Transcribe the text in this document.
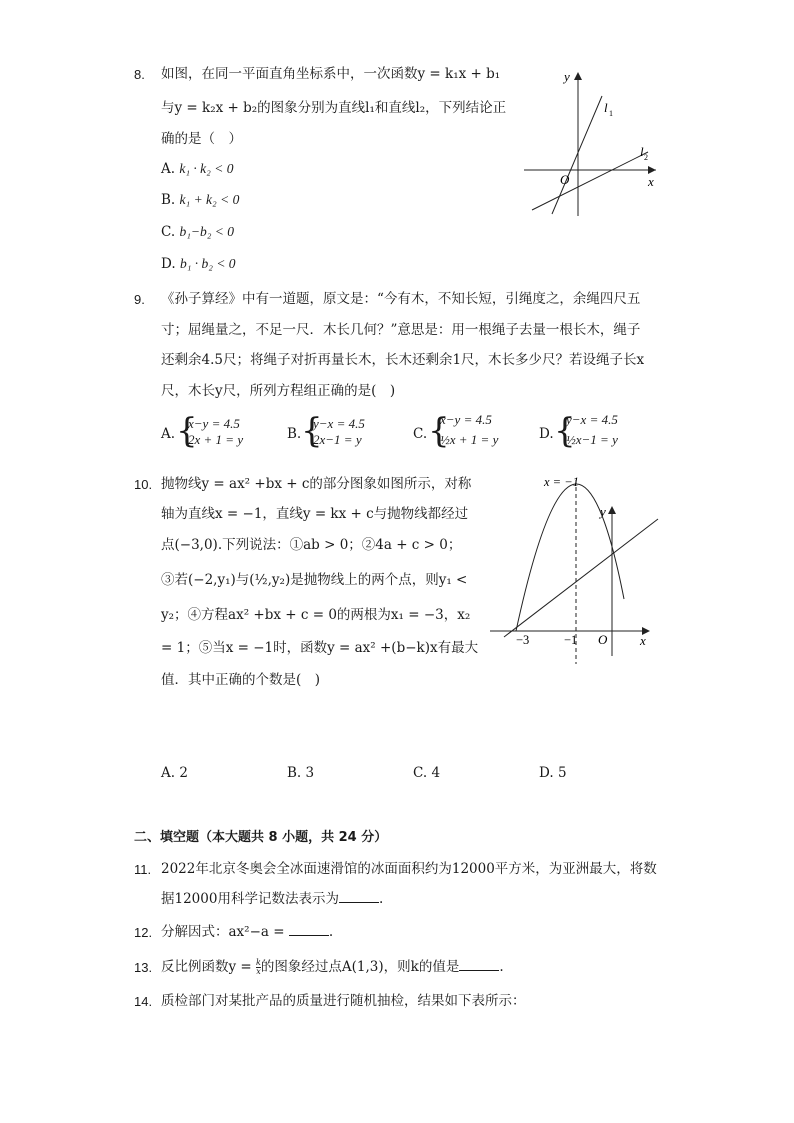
8. 如图，在同一平面直角坐标系中，一次函数y = k₁x + b₁
与y = k₂x + b₂的图象分别为直线l₁和直线l₂，下列结论正
确的是（　）
A. k₁ · k₂ < 0
B. k₁ + k₂ < 0
C. b₁−b₂ < 0
D. b₁ · b₂ < 0
y
x
O
l 1
l 2
9. 《孙子算经》中有一道题，原文是：“今有木，不知长短，引绳度之，余绳四尺五
寸；屈绳量之，不足一尺．木长几何？”意思是：用一根绳子去量一根长木，绳子
还剩余4.5尺；将绳子对折再量长木，长木还剩余1尺，木长多少尺？若设绳子长x
尺，木长y尺，所列方程组正确的是(　)
A. {
x−y = 4.5
2x + 1 = y	B. {
y−x = 4.5
2x−1 = y	C. {
x−y = 4.5
½x + 1 = y	D. {
y−x = 4.5
½x−1 = y
10. 抛物线y = ax² +bx + c的部分图象如图所示，对称
轴为直线x = −1，直线y = kx + c与抛物线都经过
点(−3,0).下列说法：①ab > 0；②4a + c > 0；
③若(−2,y₁)与(½,y₂)是抛物线上的两个点，则y₁ <
y₂；④方程ax² +bx + c = 0的两根为x₁ = −3，x₂
= 1；⑤当x = −1时，函数y = ax² +(b−k)x有最大
值．其中正确的个数是(　)
x = −1
y
x
O
−3	−1
A. 2	B. 3	C. 4	D. 5
二、填空题（本大题共 8 小题，共 24 分）
11. 2022年北京冬奥会全冰面速滑馆的冰面面积约为12000平方米，为亚洲最大，将数
据12000用科学记数法表示为	.
12. 分解因式：ax²−a =	.
13. 反比例函数$y = \frac{k}{x}$ 的图象经过点A(1,3)，则k的值是	.
14. 质检部门对某批产品的质量进行随机抽检，结果如下表所示：
